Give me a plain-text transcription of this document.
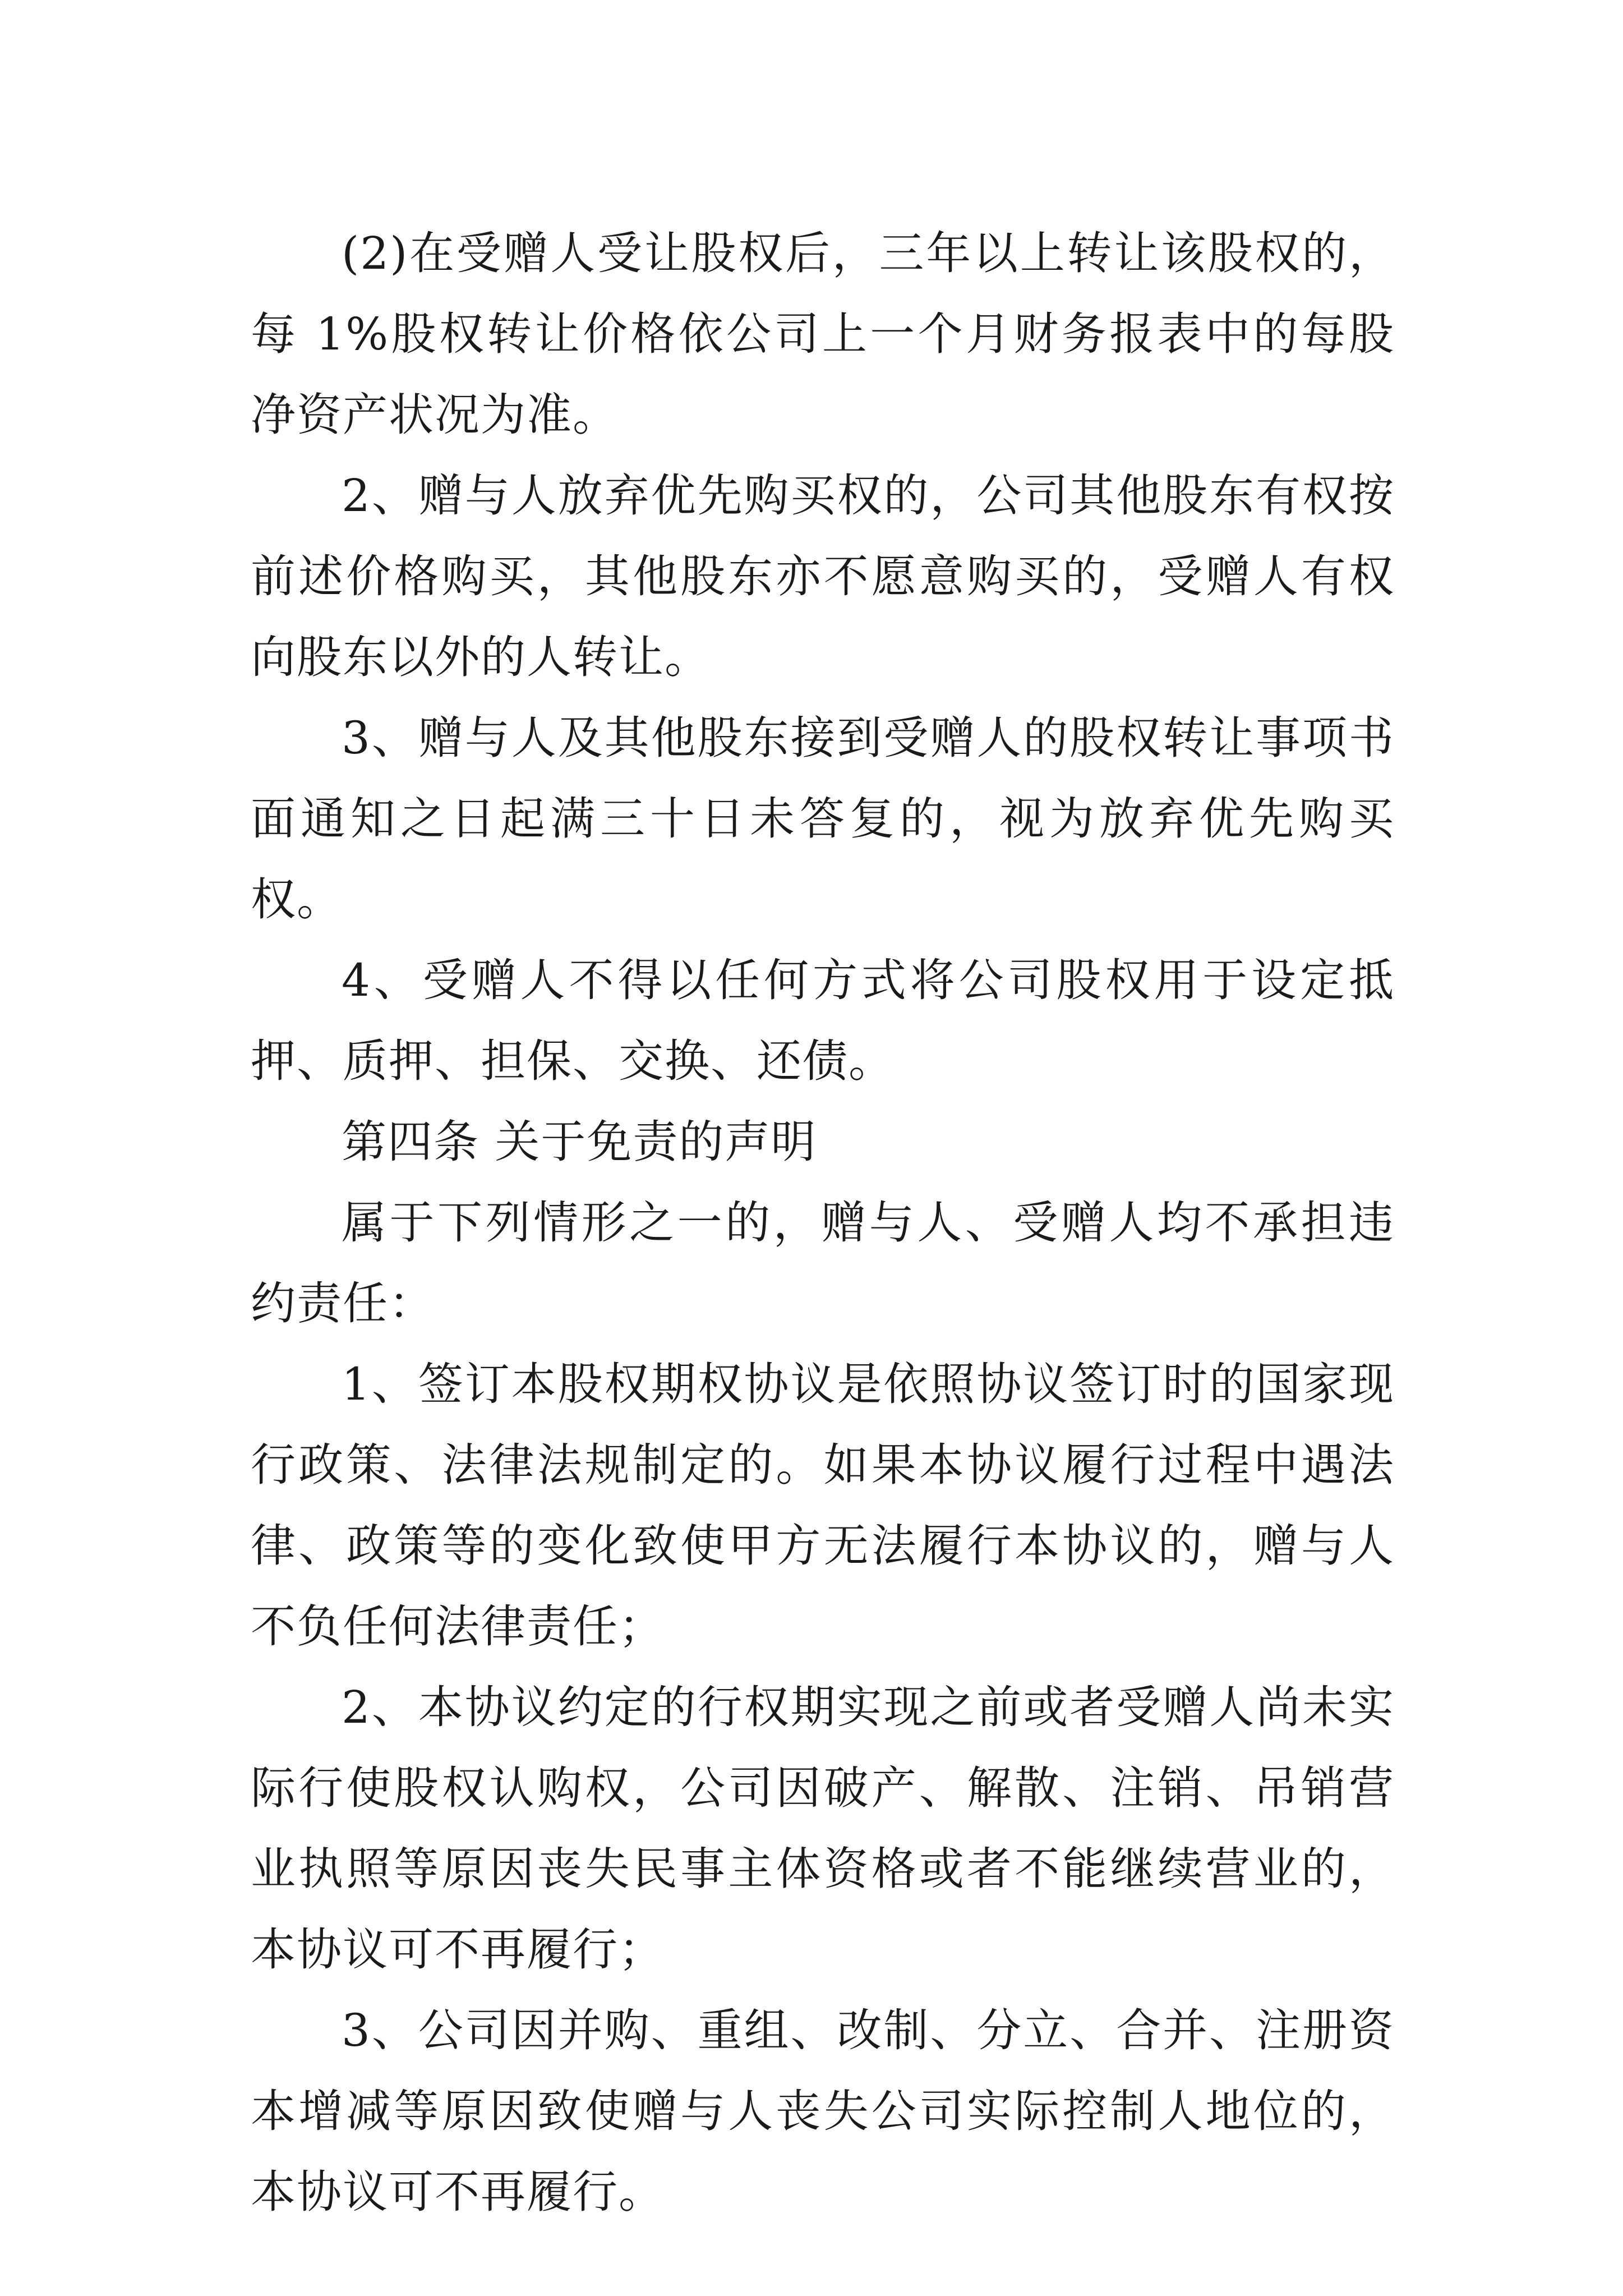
(2)在受赠人受让股权后，三年以上转让该股权的，每 1%股权转让价格依公司上一个月财务报表中的每股净资产状况为准。

2、赠与人放弃优先购买权的，公司其他股东有权按前述价格购买，其他股东亦不愿意购买的，受赠人有权向股东以外的人转让。

3、赠与人及其他股东接到受赠人的股权转让事项书面通知之日起满三十日未答复的，视为放弃优先购买权。

4、受赠人不得以任何方式将公司股权用于设定抵押、质押、担保、交换、还债。

第四条 关于免责的声明

属于下列情形之一的，赠与人、受赠人均不承担违约责任：

1、签订本股权期权协议是依照协议签订时的国家现行政策、法律法规制定的。如果本协议履行过程中遇法律、政策等的变化致使甲方无法履行本协议的，赠与人不负任何法律责任；

2、本协议约定的行权期实现之前或者受赠人尚未实际行使股权认购权，公司因破产、解散、注销、吊销营业执照等原因丧失民事主体资格或者不能继续营业的，本协议可不再履行；

3、公司因并购、重组、改制、分立、合并、注册资本增减等原因致使赠与人丧失公司实际控制人地位的，本协议可不再履行。
